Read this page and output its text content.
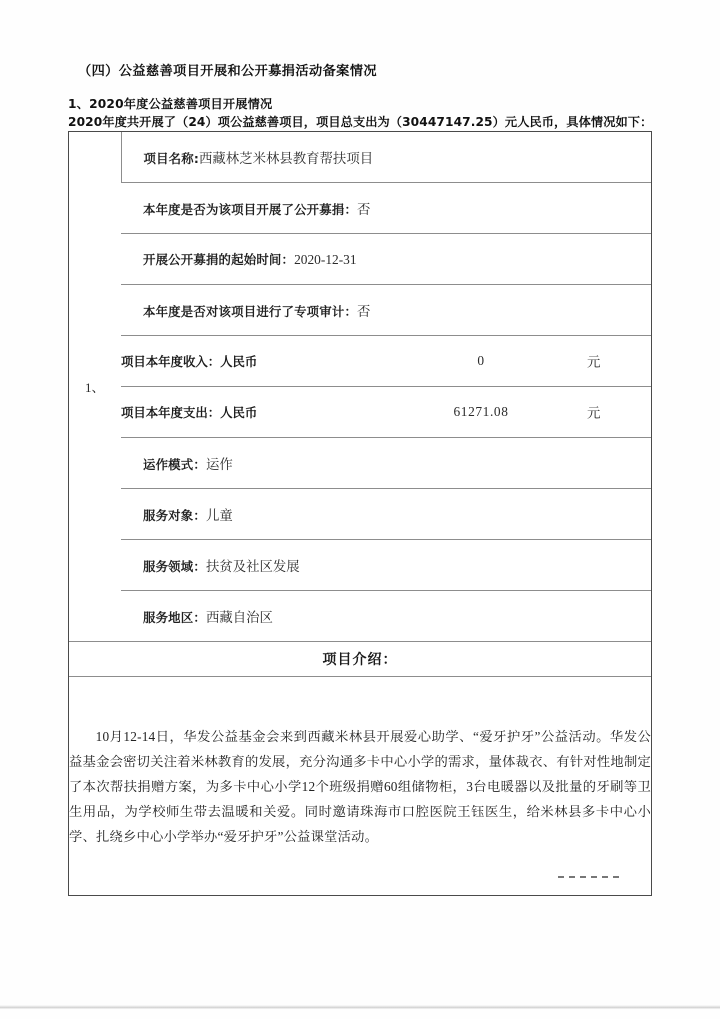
（四）公益慈善项目开展和公开募捐活动备案情况
1、2020年度公益慈善项目开展情况
2020年度共开展了（24）项公益慈善项目，项目总支出为（30447147.25）元人民币，具体情况如下：
1、	项目名称:西藏林芝米林县教育帮扶项目
本年度是否为该项目开展了公开募捐：否
开展公开募捐的起始时间：2020-12-31
本年度是否对该项目进行了专项审计：否
项目本年度收入：人民币	0	元

项目本年度支出：人民币	61271.08	元

运作模式：运作
服务对象：儿童
服务领域：扶贫及社区发展
服务地区：西藏自治区
项目介绍：

10月12-14日，华发公益基金会来到西藏米林县开展爱心助学、“爱牙护牙”公益活动。华发公益基金会密切关注着米林教育的发展，充分沟通多卡中心小学的需求，量体裁衣、有针对性地制定了本次帮扶捐赠方案，为多卡中心小学12个班级捐赠60组储物柜，3台电暖器以及批量的牙刷等卫生用品，为学校师生带去温暖和关爱。同时邀请珠海市口腔医院王钰医生，给米林县多卡中心小学、扎绕乡中心小学举办“爱牙护牙”公益课堂活动。
